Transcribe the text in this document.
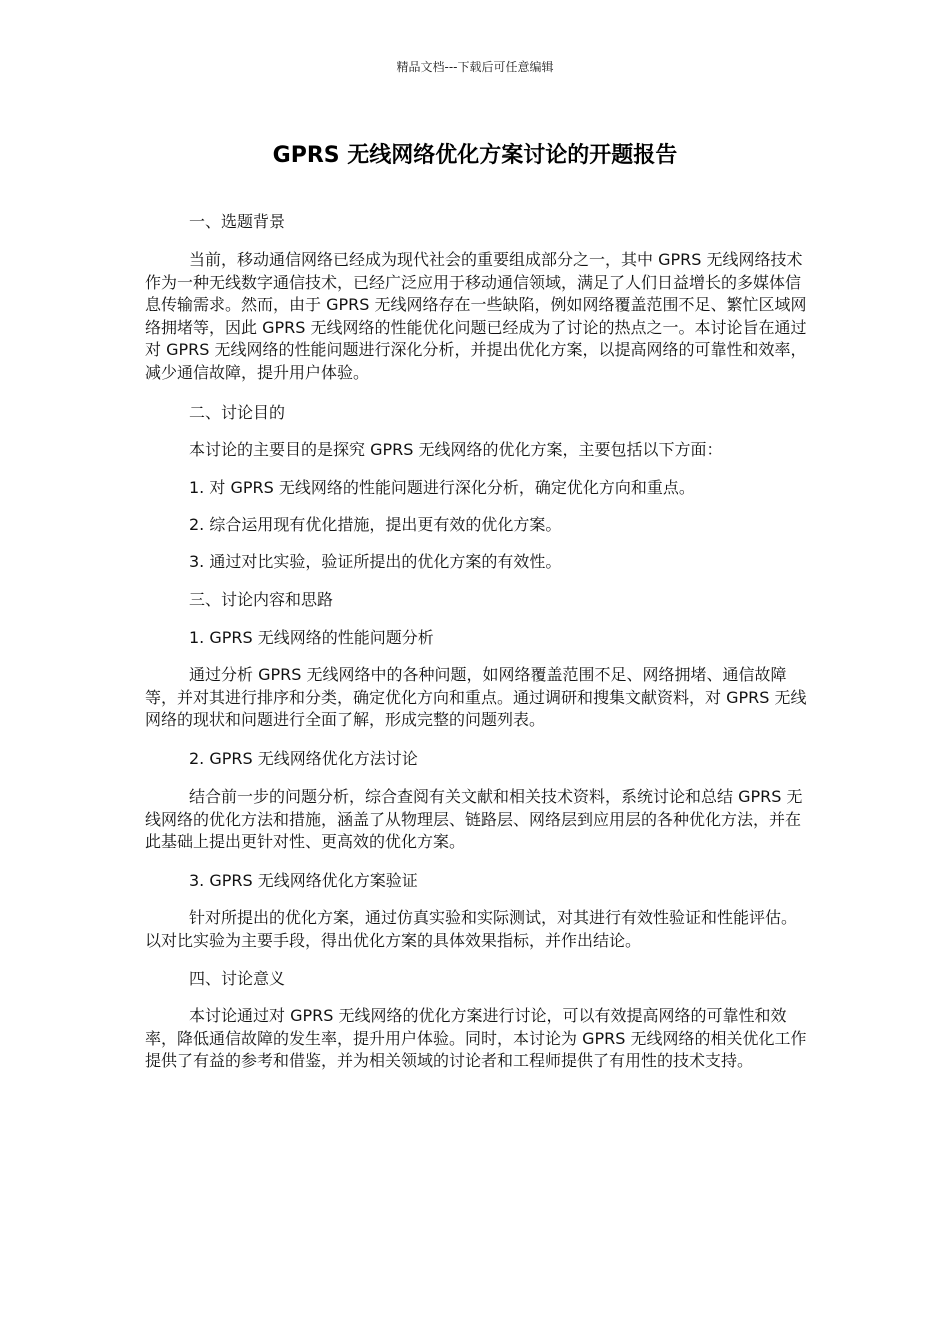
精品文档---下载后可任意编辑
GPRS 无线网络优化方案讨论的开题报告

一、选题背景

当前，移动通信网络已经成为现代社会的重要组成部分之一，其中 GPRS 无线网络技术作为一种无线数字通信技术，已经广泛应用于移动通信领域，满足了人们日益增长的多媒体信息传输需求。然而，由于 GPRS 无线网络存在一些缺陷，例如网络覆盖范围不足、繁忙区域网络拥堵等，因此 GPRS 无线网络的性能优化问题已经成为了讨论的热点之一。本讨论旨在通过对 GPRS 无线网络的性能问题进行深化分析，并提出优化方案，以提高网络的可靠性和效率，减少通信故障，提升用户体验。

二、讨论目的

本讨论的主要目的是探究 GPRS 无线网络的优化方案，主要包括以下方面：

1. 对 GPRS 无线网络的性能问题进行深化分析，确定优化方向和重点。

2. 综合运用现有优化措施，提出更有效的优化方案。

3. 通过对比实验，验证所提出的优化方案的有效性。

三、讨论内容和思路

1. GPRS 无线网络的性能问题分析

通过分析 GPRS 无线网络中的各种问题，如网络覆盖范围不足、网络拥堵、通信故障等，并对其进行排序和分类，确定优化方向和重点。通过调研和搜集文献资料，对 GPRS 无线网络的现状和问题进行全面了解，形成完整的问题列表。

2. GPRS 无线网络优化方法讨论

结合前一步的问题分析，综合查阅有关文献和相关技术资料，系统讨论和总结 GPRS 无线网络的优化方法和措施，涵盖了从物理层、链路层、网络层到应用层的各种优化方法，并在此基础上提出更针对性、更高效的优化方案。

3. GPRS 无线网络优化方案验证

针对所提出的优化方案，通过仿真实验和实际测试，对其进行有效性验证和性能评估。以对比实验为主要手段，得出优化方案的具体效果指标，并作出结论。

四、讨论意义

本讨论通过对 GPRS 无线网络的优化方案进行讨论，可以有效提高网络的可靠性和效率，降低通信故障的发生率，提升用户体验。同时，本讨论为 GPRS 无线网络的相关优化工作提供了有益的参考和借鉴，并为相关领域的讨论者和工程师提供了有用性的技术支持。
